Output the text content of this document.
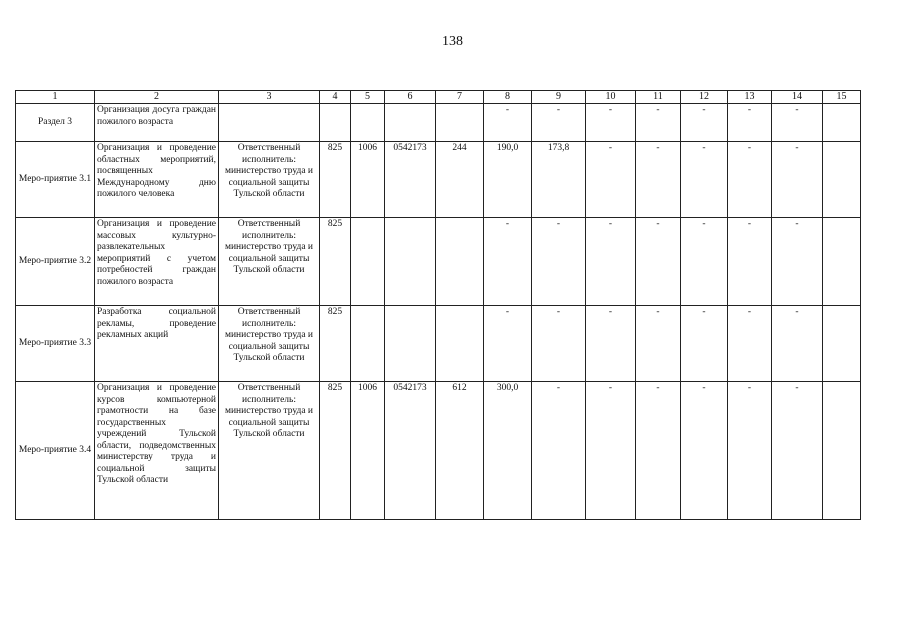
138
1	2	3	4	5	6	7	8	9	10	11	12	13	14	15
Раздел 3	Организация досуга граждан пожилого возраста						-	-	-	-	-	-	-	
Меро-приятие 3.1	Организация и проведение областных мероприятий, посвященных Международному дню пожилого человека	Ответственный исполнитель: министерство труда и социальной защиты Тульской области	825	1006	0542173	244	190,0	173,8	-	-	-	-	-	
Меро-приятие 3.2	Организация и проведение массовых культурно-развлекательных мероприятий с учетом потребностей граждан пожилого возраста	Ответственный исполнитель: министерство труда и социальной защиты Тульской области	825				-	-	-	-	-	-	-	
Меро-приятие 3.3	Разработка социальной рекламы, проведение рекламных акций	Ответственный исполнитель: министерство труда и социальной защиты Тульской области	825				-	-	-	-	-	-	-	
Меро-приятие 3.4	Организация и проведение курсов компьютерной грамотности на базе государственных учреждений Тульской области, подведомственных министерству труда и социальной защиты Тульской области	Ответственный исполнитель: министерство труда и социальной защиты Тульской области	825	1006	0542173	612	300,0	-	-	-	-	-	-	
